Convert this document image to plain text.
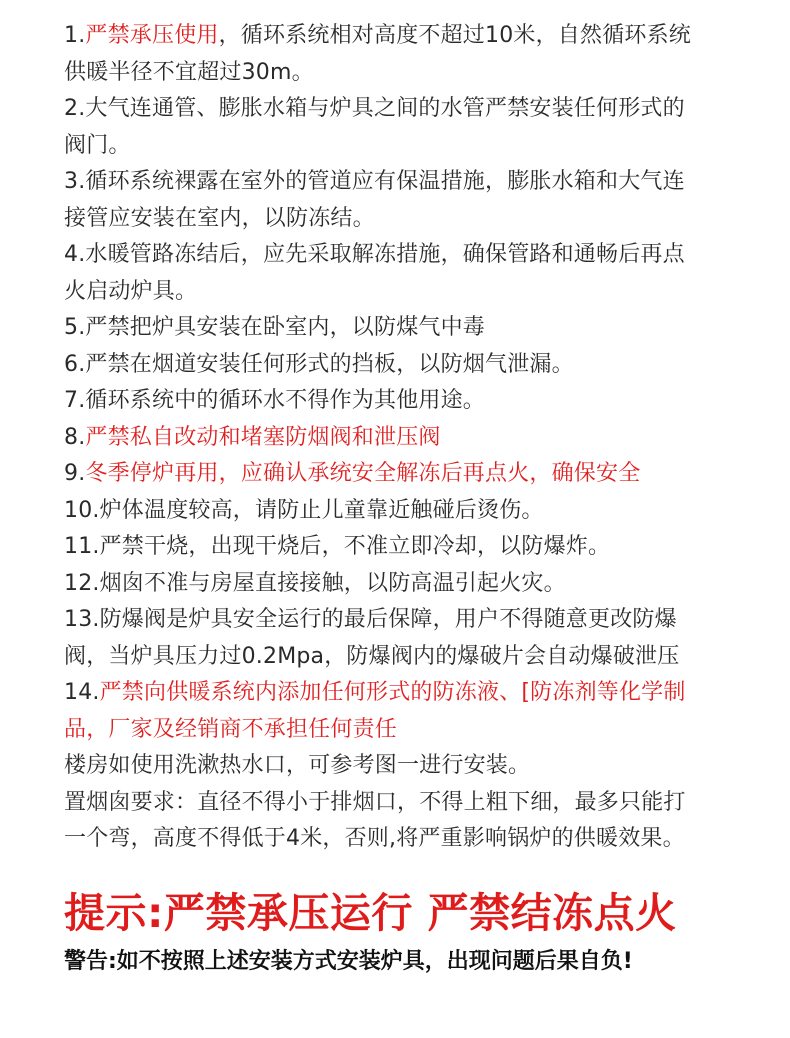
1.严禁承压使用，循环系统相对高度不超过10米，自然循环系统
供暖半径不宜超过30m。
2.大气连通管、膨胀水箱与炉具之间的水管严禁安装任何形式的
阀门。
3.循环系统裸露在室外的管道应有保温措施，膨胀水箱和大气连
接管应安装在室内，以防冻结。
4.水暖管路冻结后，应先采取解冻措施，确保管路和通畅后再点
火启动炉具。
5.严禁把炉具安装在卧室内，以防煤气中毒
6.严禁在烟道安装任何形式的挡板，以防烟气泄漏。
7.循环系统中的循环水不得作为其他用途。
8.严禁私自改动和堵塞防烟阀和泄压阀
9.冬季停炉再用，应确认承统安全解冻后再点火，确保安全
10.炉体温度较高，请防止儿童靠近触碰后烫伤。
11.严禁干烧，出现干烧后，不准立即冷却，以防爆炸。
12.烟囱不准与房屋直接接触，以防高温引起火灾。
13.防爆阀是炉具安全运行的最后保障，用户不得随意更改防爆
阀，当炉具压力过0.2Mpa，防爆阀内的爆破片会自动爆破泄压
14.严禁向供暖系统内添加任何形式的防冻液、[防冻剂等化学制
品，厂家及经销商不承担任何责任
楼房如使用洗漱热水口，可参考图一进行安装。
置烟囱要求：直径不得小于排烟口，不得上粗下细，最多只能打
一个弯，高度不得低于4米，否则,将严重影响锅炉的供暖效果。
提示:严禁承压运行 严禁结冻点火
警告:如不按照上述安装方式安装炉具，出现问题后果自负!
